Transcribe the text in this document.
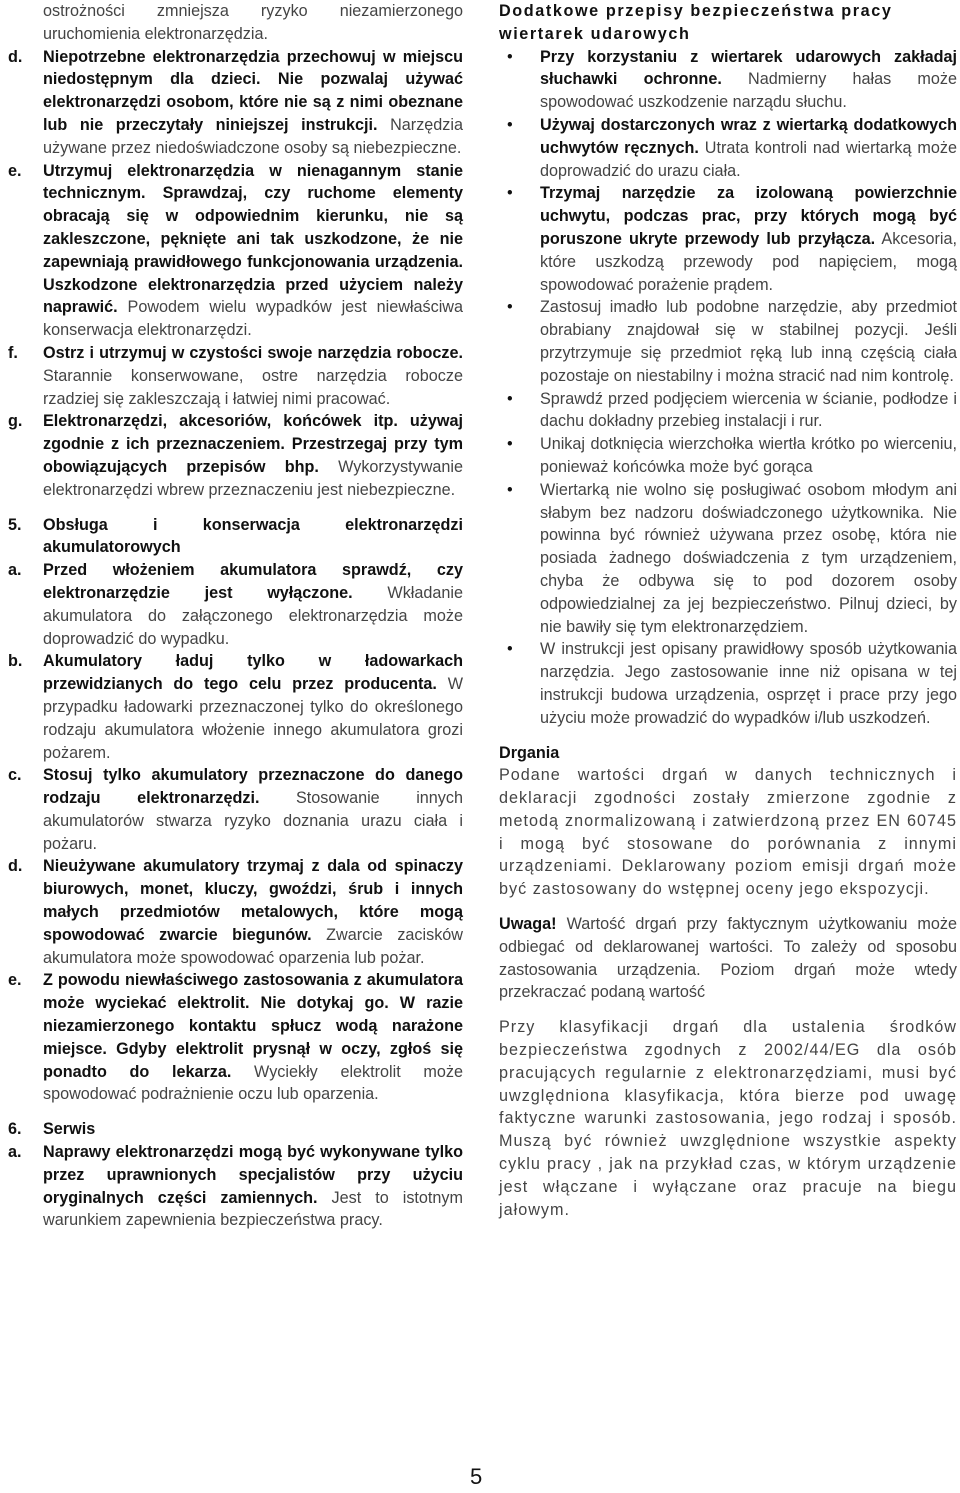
ostrożności zmniejsza ryzyko niezamierzonego uruchomienia elektronarzędzia.
d. Niepotrzebne elektronarzędzia przechowuj w miejscu niedostępnym dla dzieci. Nie pozwalaj używać elektronarzędzi osobom, które nie są z nimi obeznane lub nie przeczytały niniejszej instrukcji. Narzędzia używane przez niedoświadczone osoby są niebezpieczne.
e. Utrzymuj elektronarzędzia w nienagannym stanie technicznym. Sprawdzaj, czy ruchome elementy obracają się w odpowiednim kierunku, nie są zakleszczone, pęknięte ani tak uszkodzone, że nie zapewniają prawidłowego funkcjonowania urządzenia. Uszkodzone elektronarzędzia przed użyciem należy naprawić. Powodem wielu wypadków jest niewłaściwa konserwacja elektronarzędzi.
f. Ostrz i utrzymuj w czystości swoje narzędzia robocze. Starannie konserwowane, ostre narzędzia robocze rzadziej się zakleszczają i łatwiej nimi pracować.
g. Elektronarzędzi, akcesoriów, końcówek itp. używaj zgodnie z ich przeznaczeniem. Przestrzegaj przy tym obowiązujących przepisów bhp. Wykorzystywanie elektronarzędzi wbrew przeznaczeniu jest niebezpieczne.
5. Obsługa i konserwacja elektronarzędzi akumulatorowych
a. Przed włożeniem akumulatora sprawdź, czy elektronarzędzie jest wyłączone. Wkładanie akumulatora do załączonego elektronarzędzia może doprowadzić do wypadku.
b. Akumulatory ładuj tylko w ładowarkach przewidzianych do tego celu przez producenta. W przypadku ładowarki przeznaczonej tylko do określonego rodzaju akumulatora włożenie innego akumulatora grozi pożarem.
c. Stosuj tylko akumulatory przeznaczone do danego rodzaju elektronarzędzi. Stosowanie innych akumulatorów stwarza ryzyko doznania urazu ciała i pożaru.
d. Nieużywane akumulatory trzymaj z dala od spinaczy biurowych, monet, kluczy, gwoździ, śrub i innych małych przedmiotów metalowych, które mogą spowodować zwarcie biegunów. Zwarcie zacisków akumulatora może spowodować oparzenia lub pożar.
e. Z powodu niewłaściwego zastosowania z akumulatora może wyciekać elektrolit. Nie dotykaj go. W razie niezamierzonego kontaktu spłucz wodą narażone miejsce. Gdyby elektrolit prysnął w oczy, zgłoś się ponadto do lekarza. Wyciekły elektrolit może spowodować podrażnienie oczu lub oparzenia.
6. Serwis
a. Naprawy elektronarzędzi mogą być wykonywane tylko przez uprawnionych specjalistów przy użyciu oryginalnych części zamiennych. Jest to istotnym warunkiem zapewnienia bezpieczeństwa pracy.
Dodatkowe przepisy bezpieczeństwa pracy wiertarek udarowych
• Przy korzystaniu z wiertarek udarowych zakładaj słuchawki ochronne. Nadmierny hałas może spowodować uszkodzenie narządu słuchu.
• Używaj dostarczonych wraz z wiertarką dodatkowych uchwytów ręcznych. Utrata kontroli nad wiertarką może doprowadzić do urazu ciała.
• Trzymaj narzędzie za izolowaną powierzchnie uchwytu, podczas prac, przy których mogą być poruszone ukryte przewody lub przyłącza. Akcesoria, które uszkodzą przewody pod napięciem, mogą spowodować porażenie prądem.
• Zastosuj imadło lub podobne narzędzie, aby przedmiot obrabiany znajdował się w stabilnej pozycji. Jeśli przytrzymuje się przedmiot ręką lub inną częścią ciała pozostaje on niestabilny i można stracić nad nim kontrolę.
• Sprawdź przed podjęciem wiercenia w ścianie, podłodze i dachu dokładny przebieg instalacji i rur.
• Unikaj dotknięcia wierzchołka wiertła krótko po wierceniu, ponieważ końcówka może być gorąca
• Wiertarką nie wolno się posługiwać osobom młodym ani słabym bez nadzoru doświadczonego użytkownika. Nie powinna być również używana przez osobę, która nie posiada żadnego doświadczenia z tym urządzeniem, chyba że odbywa się to pod dozorem osoby odpowiedzialnej za jej bezpieczeństwo. Pilnuj dzieci, by nie bawiły się tym elektronarzędziem.
• W instrukcji jest opisany prawidłowy sposób użytkowania narzędzia. Jego zastosowanie inne niż opisana w tej instrukcji budowa urządzenia, osprzęt i prace przy jego użyciu może prowadzić do wypadków i/lub uszkodzeń.
Drgania
Podane wartości drgań w danych technicznych i deklaracji zgodności zostały zmierzone zgodnie z metodą znormalizowaną i zatwierdzoną przez EN 60745 i mogą być stosowane do porównania z innymi urządzeniami. Deklarowany poziom emisji drgań może być zastosowany do wstępnej oceny jego ekspozycji.
Uwaga! Wartość drgań przy faktycznym użytkowaniu może odbiegać od deklarowanej wartości. To zależy od sposobu zastosowania urządzenia. Poziom drgań może wtedy przekraczać podaną wartość
Przy klasyfikacji drgań dla ustalenia środków bezpieczeństwa zgodnych z 2002/44/EG dla osób pracujących regularnie z elektronarzędziami, musi być uwzględniona klasyfikacja, która bierze pod uwagę faktyczne warunki zastosowania, jego rodzaj i sposób. Muszą być również uwzględnione wszystkie aspekty cyklu pracy , jak na przykład czas, w którym urządzenie jest włączane i wyłączane oraz pracuje na biegu jałowym.
5
